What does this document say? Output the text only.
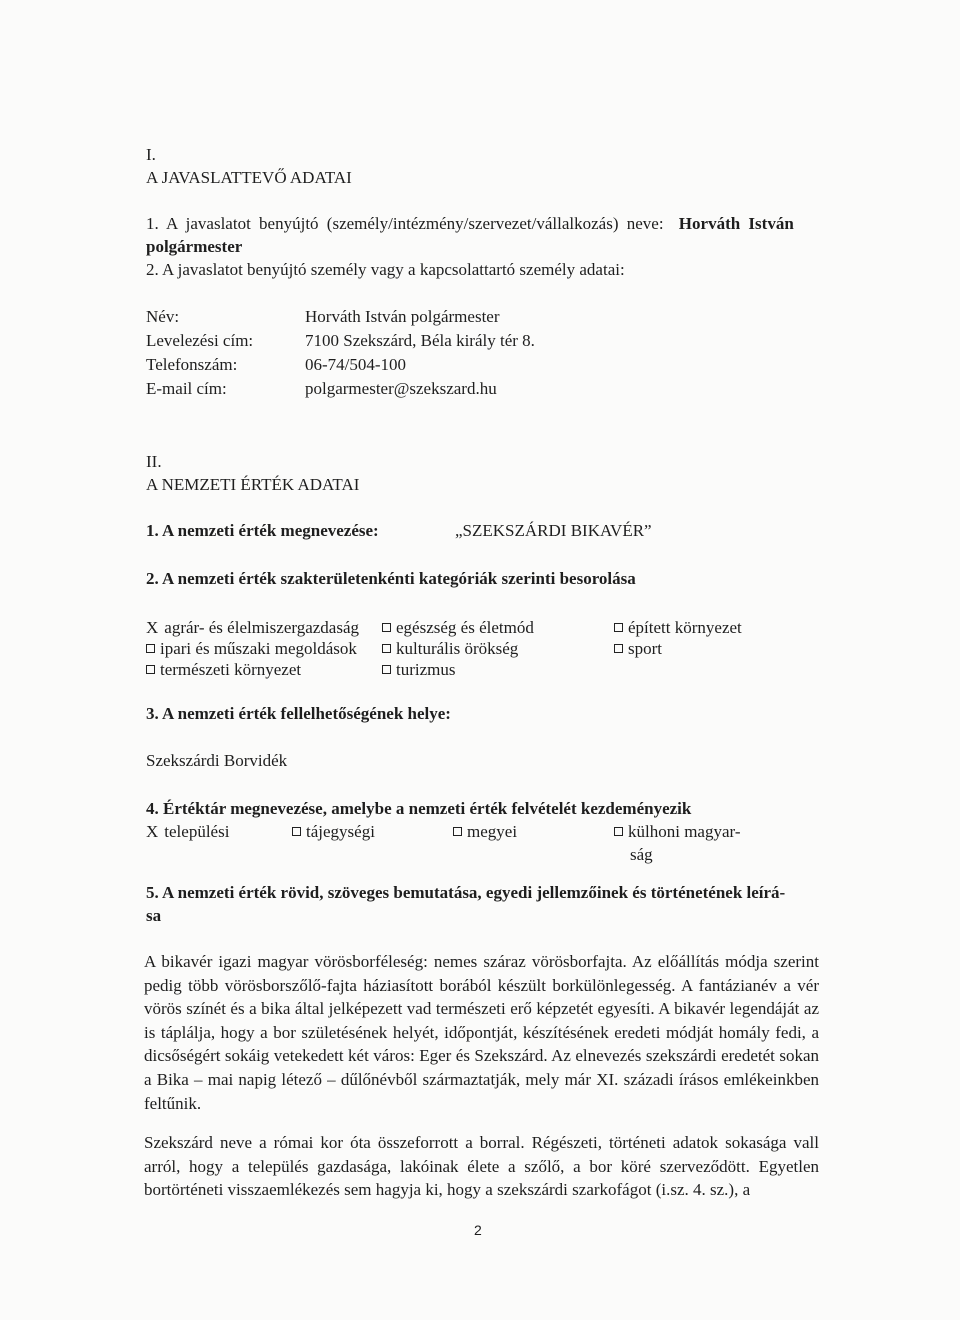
I.
A JAVASLATTEVŐ ADATAI
1. A javaslatot benyújtó (személy/intézmény/szervezet/vállalkozás) neve: Horváth István
polgármester
2. A javaslatot benyújtó személy vagy a kapcsolattartó személy adatai:
Név:	Horváth István polgármester
Levelezési cím:	7100 Szekszárd, Béla király tér 8.
Telefonszám:	06-74/504-100
E-mail cím:	polgarmester@szekszard.hu
II.
A NEMZETI ÉRTÉK ADATAI
1. A nemzeti érték megnevezése:	„SZEKSZÁRDI BIKAVÉR”
2. A nemzeti érték szakterületenkénti kategóriák szerinti besorolása
X agrár- és élelmiszergazdaság	egészség és életmód	épített környezet
ipari és műszaki megoldások	kulturális örökség	sport
természeti környezet	turizmus
3. A nemzeti érték fellelhetőségének helye:
Szekszárdi Borvidék
4. Értéktár megnevezése, amelybe a nemzeti érték felvételét kezdeményezik
X települési	tájegységi	megyei	külhoni magyar-
ság
5. A nemzeti érték rövid, szöveges bemutatása, egyedi jellemzőinek és történetének leírá-
sa
A bikavér igazi magyar vörösborféleség: nemes száraz vörösborfajta. Az előállítás módja szerint pedig több vörösborszőlő-fajta háziasított borából készült borkülönlegesség. A fantázianév a vér vörös színét és a bika által jelképezett vad természeti erő képzetét egyesíti. A bikavér legendáját az is táplálja, hogy a bor születésének helyét, időpontját, készítésének eredeti módját homály fedi, a dicsőségért sokáig vetekedett két város: Eger és Szekszárd. Az elnevezés szekszárdi eredetét sokan a Bika – mai napig létező – dűlőnévből származtatják, mely már XI. századi írásos emlékeinkben feltűnik.
Szekszárd neve a római kor óta összeforrott a borral. Régészeti, történeti adatok sokasága vall arról, hogy a település gazdasága, lakóinak élete a szőlő, a bor köré szerveződött. Egyetlen bortörténeti visszaemlékezés sem hagyja ki, hogy a szekszárdi szarkofágot (i.sz. 4. sz.), a
2
